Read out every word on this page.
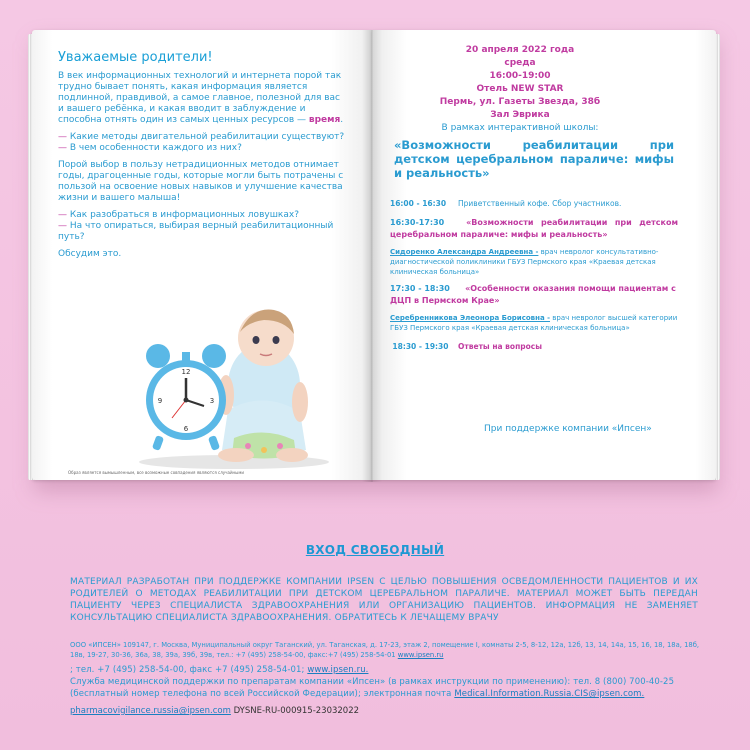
Уважаемые родители!
В век информационных технологий и интернета порой так трудно бывает понять, какая информация является подлинной, правдивой, а самое главное, полезной для вас и вашего ребёнка, и какая вводит в заблуждение и способна отнять один из самых ценных ресурсов — время.
— Какие методы двигательной реабилитации существуют?
— В чем особенности каждого из них?
Порой выбор в пользу нетрадиционных методов отнимает годы, драгоценные годы, которые могли быть потрачены с пользой на освоение новых навыков и улучшение качества жизни и вашего малыша!
— Как разобраться в информационных ловушках?
— На что опираться, выбирая верный реабилитационный путь?
Обсудим это.
12
3
6
9
Образ является вымышленным, все возможные совпадения являются случайными
20 апреля 2022 года
среда
16:00-19:00
Отель NEW STAR
Пермь, ул. Газеты Звезда, 38б
Зал Эврика
В рамках интерактивной школы:
«Возможности реабилитации при детском церебральном параличе: мифы и реальность»
16:00 - 16:30 Приветственный кофе. Сбор участников.
16:30-17:30	«Возможности реабилитации при детском церебральном параличе: мифы и реальность»
Сидоренко Александра Андреевна - врач невролог консультативно-диагностической поликлиники ГБУЗ Пермского края «Краевая детская клиническая больница»
17:30 - 18:30 «Особенности оказания помощи пациентам с ДЦП в Пермском Крае»
Серебренникова Элеонора Борисовна - врач невролог высшей категории ГБУЗ Пермского края «Краевая детская клиническая больница»
18:30 - 19:30 Ответы на вопросы
При поддержке компании «Ипсен»
ВХОД СВОБОДНЫЙ
МАТЕРИАЛ РАЗРАБОТАН ПРИ ПОДДЕРЖКЕ КОМПАНИИ IPSEN С ЦЕЛЬЮ ПОВЫШЕНИЯ ОСВЕДОМЛЕННОСТИ ПАЦИЕНТОВ И ИХ РОДИТЕЛЕЙ О МЕТОДАХ РЕАБИЛИТАЦИИ ПРИ ДЕТСКОМ ЦЕРЕБРАЛЬНОМ ПАРАЛИЧЕ. МАТЕРИАЛ МОЖЕТ БЫТЬ ПЕРЕДАН ПАЦИЕНТУ ЧЕРЕЗ СПЕЦИАЛИСТА ЗДРАВООХРАНЕНИЯ ИЛИ ОРГАНИЗАЦИЮ ПАЦИЕНТОВ. ИНФОРМАЦИЯ НЕ ЗАМЕНЯЕТ КОНСУЛЬТАЦИЮ СПЕЦИАЛИСТА ЗДРАВООХРАНЕНИЯ. ОБРАТИТЕСЬ К ЛЕЧАЩЕМУ ВРАЧУ
ООО «ИПСЕН» 109147, г. Москва, Муниципальный округ Таганский, ул. Таганская, д. 17-23, этаж 2, помещение I, комнаты 2-5, 8-12, 12а, 12б, 13, 14, 14а, 15, 16, 18, 18а, 18б, 18в, 19-27, 30-36, 36а, 38, 39а, 39б, 39в, тел.: +7 (495) 258-54-00, факс:+7 (495) 258-54-01 www.ipsen.ru
; тел. +7 (495) 258-54-00, факс +7 (495) 258-54-01; www.ipsen.ru.
Служба медицинской поддержки по препаратам компании «Ипсен» (в рамках инструкции по применению): тел. 8 (800) 700-40-25 (бесплатный номер телефона по всей Российской Федерации); электронная почта Medical.Information.Russia.CIS@ipsen.com.
pharmacovigilance.russia@ipsen.com DYSNE-RU-000915-23032022
